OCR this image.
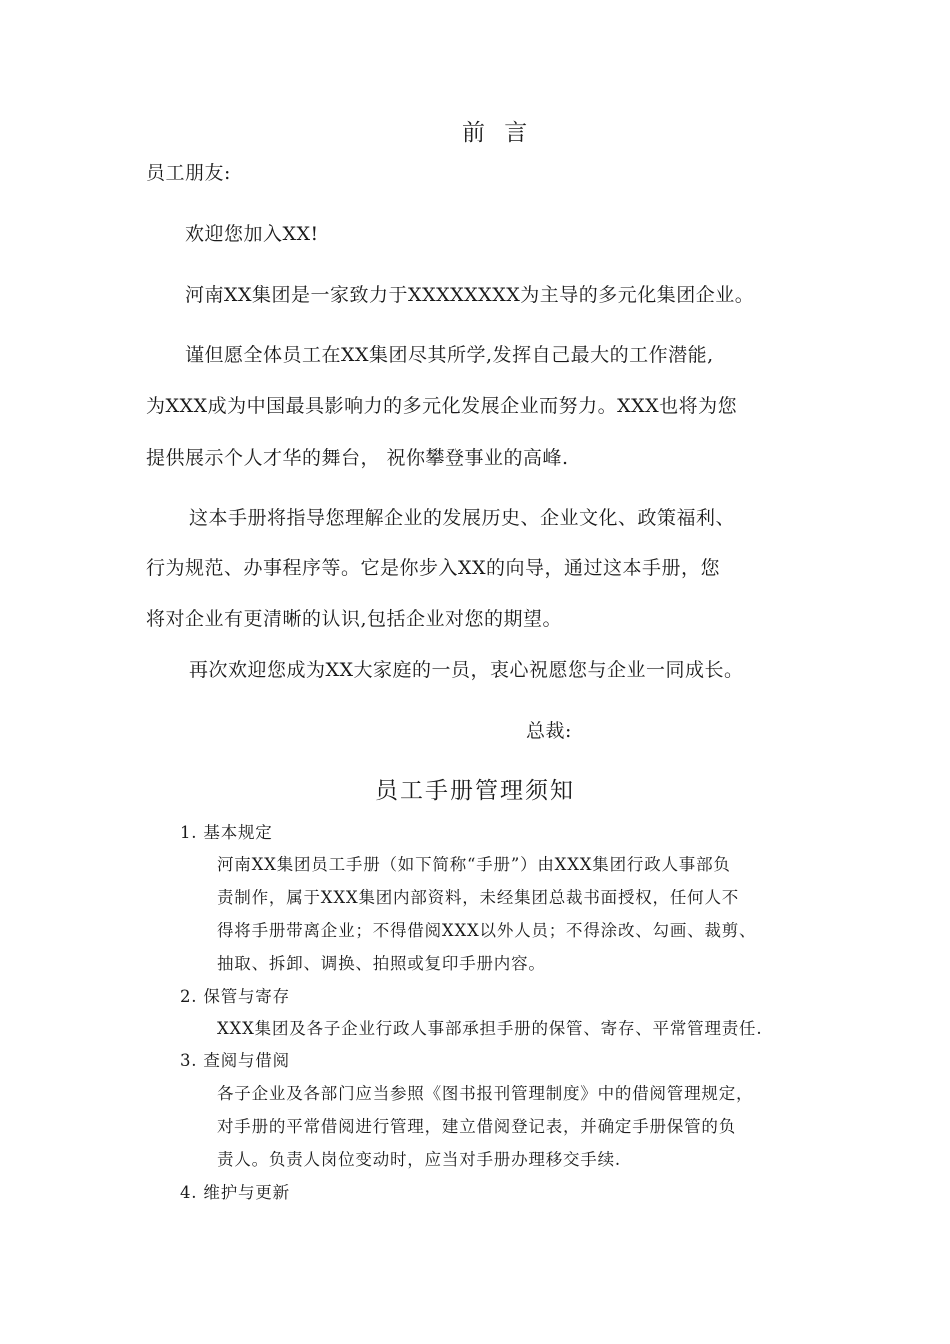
前 言
员工朋友:
欢迎您加入XX!
河南XX集团是一家致力于XXXXXXXX为主导的多元化集团企业。
谨但愿全体员工在XX集团尽其所学,发挥自己最大的工作潜能,
为XXX成为中国最具影响力的多元化发展企业而努力。XXX也将为您
提供展示个人才华的舞台， 祝你攀登事业的高峰.
这本手册将指导您理解企业的发展历史、企业文化、政策福利、
行为规范、办事程序等。它是你步入XX的向导，通过这本手册，您
将对企业有更清晰的认识,包括企业对您的期望。
再次欢迎您成为XX大家庭的一员，衷心祝愿您与企业一同成长。
总裁:
员工手册管理须知
1. 基本规定
河南XX集团员工手册（如下简称“手册”）由XXX集团行政人事部负
责制作，属于XXX集团内部资料，未经集团总裁书面授权，任何人不
得将手册带离企业；不得借阅XXX以外人员；不得涂改、勾画、裁剪、
抽取、拆卸、调换、拍照或复印手册内容。
2. 保管与寄存
XXX集团及各子企业行政人事部承担手册的保管、寄存、平常管理责任.
3. 查阅与借阅
各子企业及各部门应当参照《图书报刊管理制度》中的借阅管理规定，
对手册的平常借阅进行管理，建立借阅登记表，并确定手册保管的负
责人。负责人岗位变动时，应当对手册办理移交手续.
4. 维护与更新
